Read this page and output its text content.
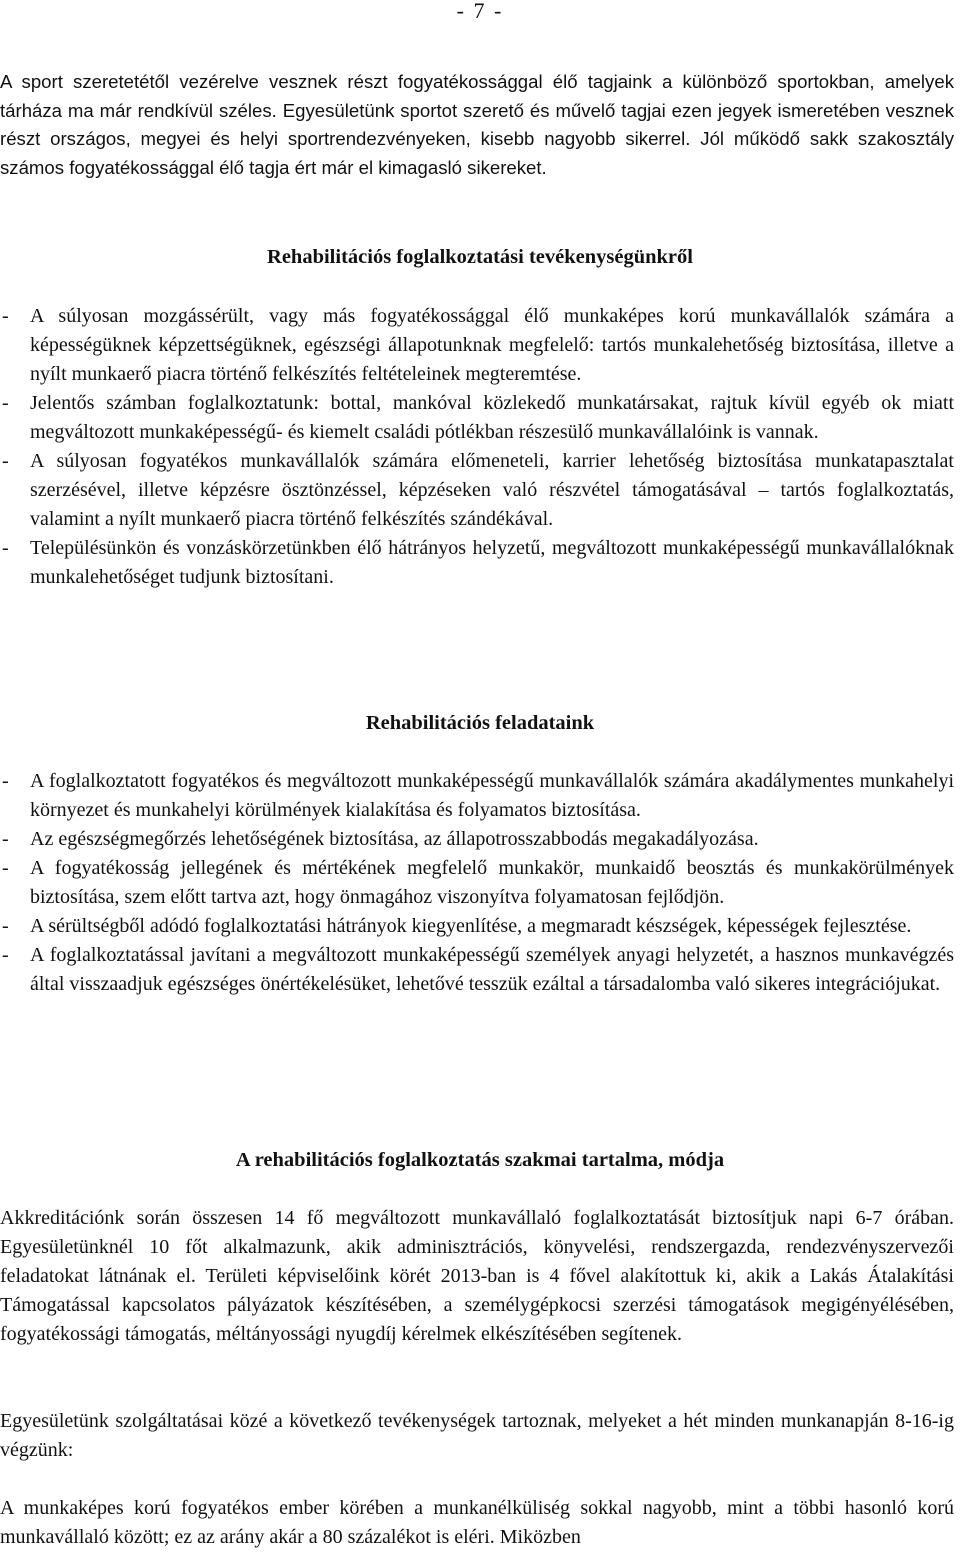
- 7 -

A sport szeretetétől vezérelve vesznek részt fogyatékossággal élő tagjaink a különböző sportokban, amelyek tárháza ma már rendkívül széles. Egyesületünk sportot szerető és művelő tagjai ezen jegyek ismeretében vesznek részt országos, megyei és helyi sportrendezvényeken, kisebb nagyobb sikerrel. Jól működő sakk szakosztály számos fogyatékossággal élő tagja ért már el kimagasló sikereket.

Rehabilitációs foglalkoztatási tevékenységünkről
- A súlyosan mozgássérült, vagy más fogyatékossággal élő munkaképes korú munkavállalók számára a képességüknek képzettségüknek, egészségi állapotunknak megfelelő: tartós munkalehetőség biztosítása, illetve a nyílt munkaerő piacra történő felkészítés feltételeinek megteremtése.
- Jelentős számban foglalkoztatunk: bottal, mankóval közlekedő munkatársakat, rajtuk kívül egyéb ok miatt megváltozott munkaképességű- és kiemelt családi pótlékban részesülő munkavállalóink is vannak.
- A súlyosan fogyatékos munkavállalók számára előmeneteli, karrier lehetőség biztosítása munkatapasztalat szerzésével, illetve képzésre ösztönzéssel, képzéseken való részvétel támogatásával – tartós foglalkoztatás, valamint a nyílt munkaerő piacra történő felkészítés szándékával.
- Településünkön és vonzáskörzetünkben élő hátrányos helyzetű, megváltozott munkaképességű munkavállalóknak munkalehetőséget tudjunk biztosítani.
Rehabilitációs feladataink
- A foglalkoztatott fogyatékos és megváltozott munkaképességű munkavállalók számára akadálymentes munkahelyi környezet és munkahelyi körülmények kialakítása és folyamatos biztosítása.
- Az egészségmegőrzés lehetőségének biztosítása, az állapotrosszabbodás megakadályozása.
- A fogyatékosság jellegének és mértékének megfelelő munkakör, munkaidő beosztás és munkakörülmények biztosítása, szem előtt tartva azt, hogy önmagához viszonyítva folyamatosan fejlődjön.
- A sérültségből adódó foglalkoztatási hátrányok kiegyenlítése, a megmaradt készségek, képességek fejlesztése.
- A foglalkoztatással javítani a megváltozott munkaképességű személyek anyagi helyzetét, a hasznos munkavégzés által visszaadjuk egészséges önértékelésüket, lehetővé tesszük ezáltal a társadalomba való sikeres integrációjukat.
A rehabilitációs foglalkoztatás szakmai tartalma, módja

Akkreditációnk során összesen 14 fő megváltozott munkavállaló foglalkoztatását biztosítjuk napi 6-7 órában. Egyesületünknél 10 főt alkalmazunk, akik adminisztrációs, könyvelési, rendszergazda, rendezvényszervezői feladatokat látnának el. Területi képviselőink körét 2013-ban is 4 fővel alakítottuk ki, akik a Lakás Átalakítási Támogatással kapcsolatos pályázatok készítésében, a személygépkocsi szerzési támogatások megigényélésében, fogyatékossági támogatás, méltányossági nyugdíj kérelmek elkészítésében segítenek.

Egyesületünk szolgáltatásai közé a következő tevékenységek tartoznak, melyeket a hét minden munkanapján 8-16-ig végzünk:

A munkaképes korú fogyatékos ember körében a munkanélküliség sokkal nagyobb, mint a többi hasonló korú munkavállaló között; ez az arány akár a 80 százalékot is eléri. Miközben
